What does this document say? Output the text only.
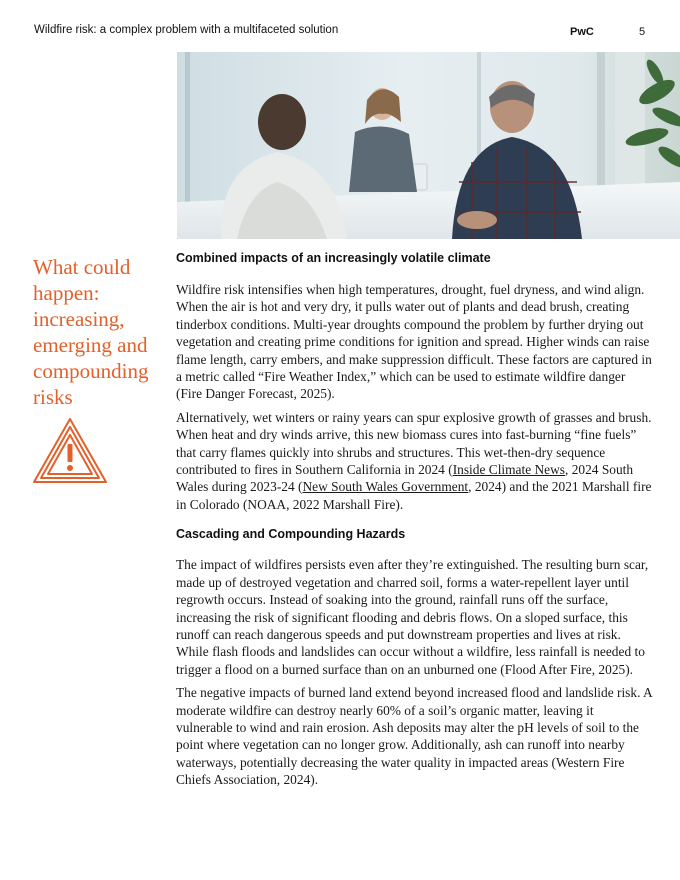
Wildfire risk: a complex problem with a multifaceted solution	PwC	5
What could happen: increasing, emerging and compounding risks
Combined impacts of an increasingly volatile climate

Wildfire risk intensifies when high temperatures, drought, fuel dryness, and wind align. When the air is hot and very dry, it pulls water out of plants and dead brush, creating tinderbox conditions. Multi-year droughts compound the problem by further drying out vegetation and creating prime conditions for ignition and spread. Higher winds can raise flame length, carry embers, and make suppression difficult. These factors are captured in a metric called “Fire Weather Index,” which can be used to estimate wildfire danger (Fire Danger Forecast, 2025).

Alternatively, wet winters or rainy years can spur explosive growth of grasses and brush. When heat and dry winds arrive, this new biomass cures into fast-burning “fine fuels” that carry flames quickly into shrubs and structures. This wet-then-dry sequence contributed to fires in Southern California in 2024 (Inside Climate News, 2024 South Wales during 2023-24 (New South Wales Government, 2024) and the 2021 Marshall fire in Colorado (NOAA, 2022 Marshall Fire).

Cascading and Compounding Hazards

The impact of wildfires persists even after they’re extinguished. The resulting burn scar, made up of destroyed vegetation and charred soil, forms a water-repellent layer until regrowth occurs. Instead of soaking into the ground, rainfall runs off the surface, increasing the risk of significant flooding and debris flows. On a sloped surface, this runoff can reach dangerous speeds and put downstream properties and lives at risk. While flash floods and landslides can occur without a wildfire, less rainfall is needed to trigger a flood on a burned surface than on an unburned one (Flood After Fire, 2025).

The negative impacts of burned land extend beyond increased flood and landslide risk. A moderate wildfire can destroy nearly 60% of a soil’s organic matter, leaving it vulnerable to wind and rain erosion. Ash deposits may alter the pH levels of soil to the point where vegetation can no longer grow. Additionally, ash can runoff into nearby waterways, potentially decreasing the water quality in impacted areas (Western Fire Chiefs Association, 2024).
